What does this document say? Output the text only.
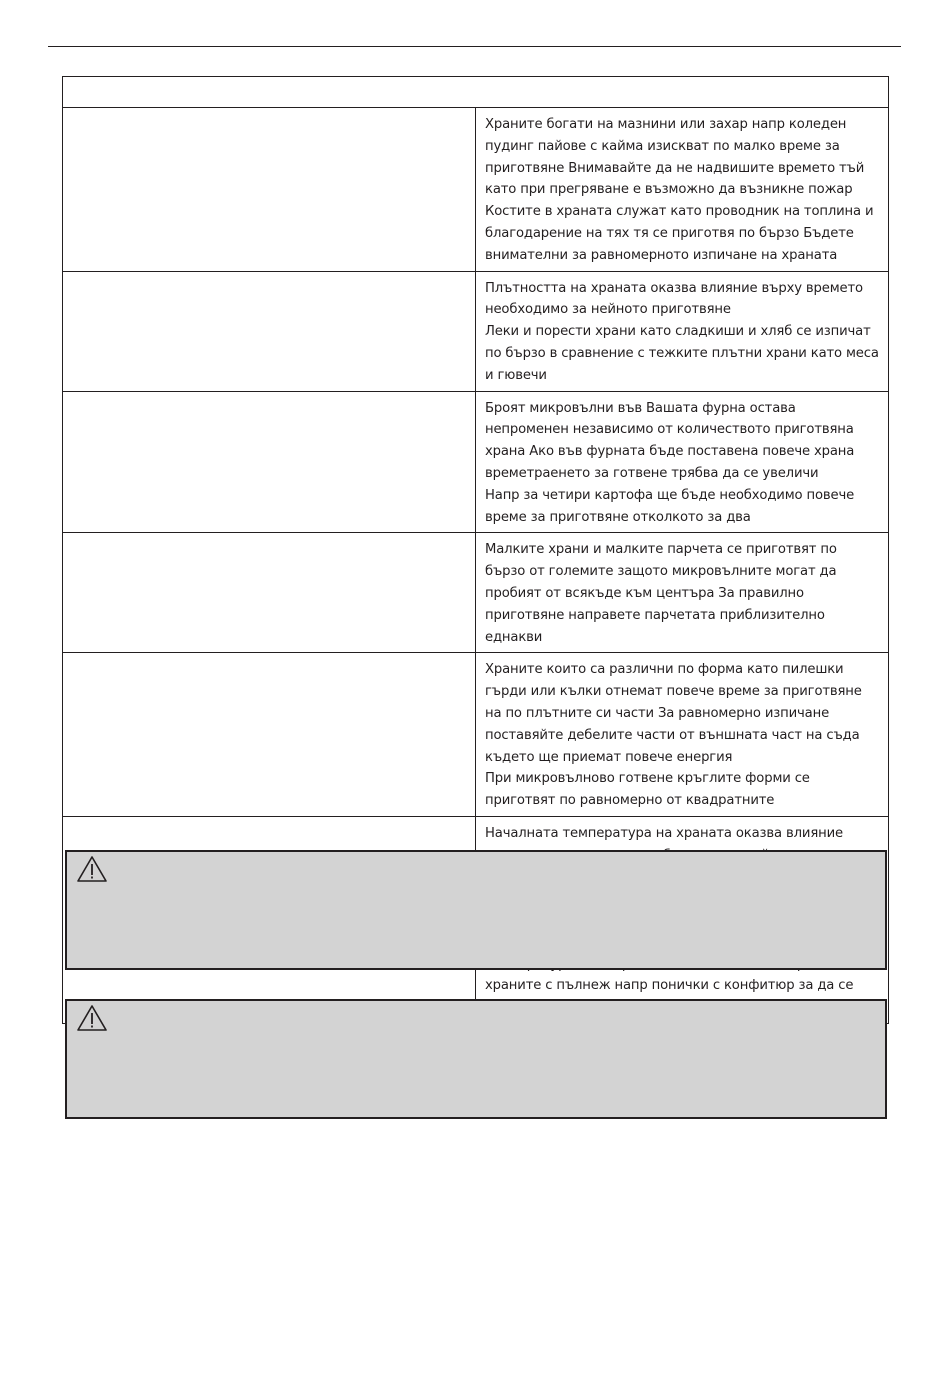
	Храните богати на мазнини или захар напр коледен пудинг пайове с кайма изискват по малко време за приготвяне Внимавайте да не надвишите времето тъй като при прегряване е възможно да възникне пожар
Костите в храната служат като проводник на топлина и благодарение на тях тя се приготвя по бързо Бъдете внимателни за равномерното изпичане на храната

	Плътността на храната оказва влияние върху времето необходимо за нейното приготвяне
Леки и порести храни като сладкиши и хляб се изпичат по бързо в сравнение с тежките плътни храни като меса и гювечи

	Броят микровълни във Вашата фурна остава непроменен независимо от количеството приготвяна храна Ако във фурната бъде поставена повече храна времетраенето за готвене трябва да се увеличи
Напр за четири картофа ще бъде необходимо повече време за приготвяне отколкото за два

	Малките храни и малките парчета се приготвят по бързо от големите защото микровълните могат да пробият от всякъде към центъра За правилно приготвяне направете парчетата приблизително еднакви

	Храните които са различни по форма като пилешки гърди или кълки отнемат повече време за приготвяне на по плътните си части За равномерно изпичане поставяйте дебелите части от външната част на съда където ще приемат повече енергия
При микровълново готвене кръглите форми се приготвят по равномерно от квадратните

	Началната температура на храната оказва влияние
храните с пълнеж напр понички с конфитюр за да се
